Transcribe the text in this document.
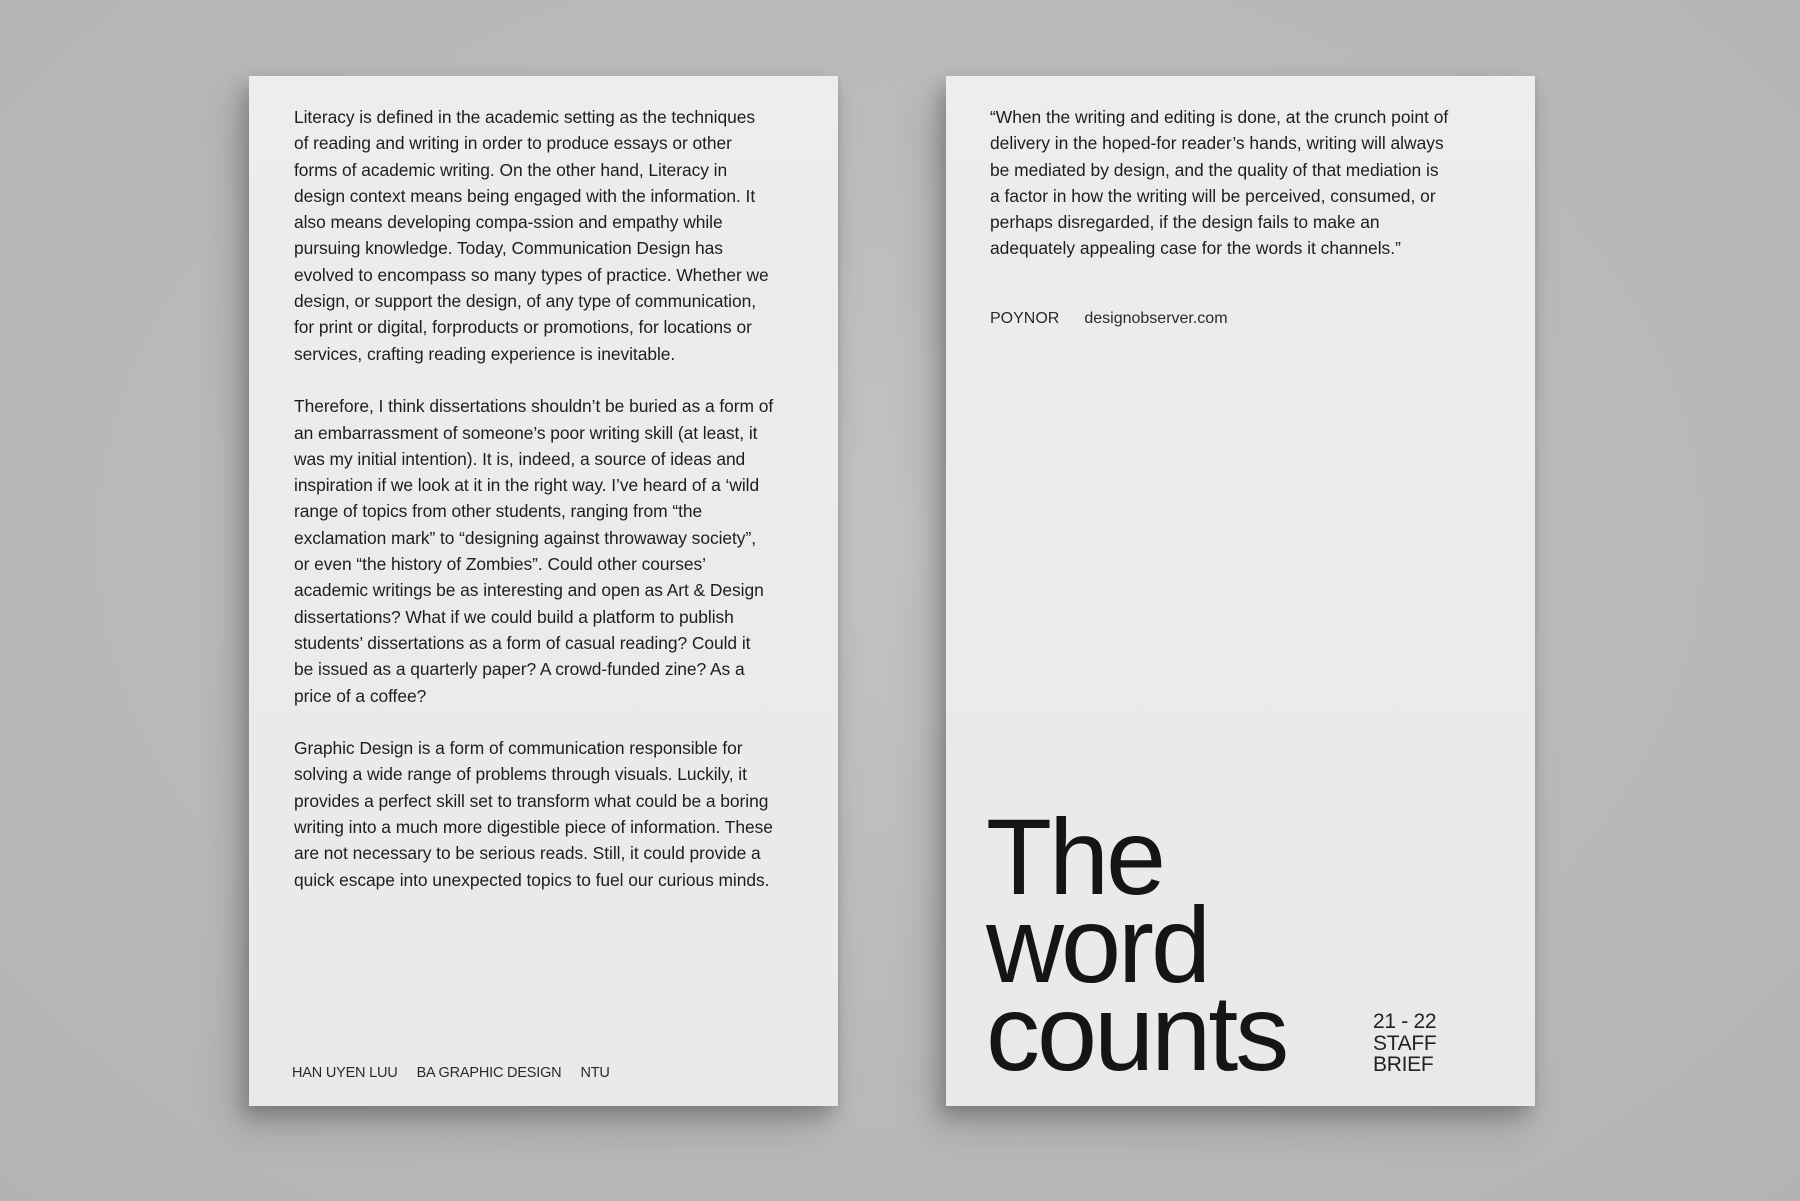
Literacy is defined in the academic setting as the techniques of reading and writing in order to produce essays or other forms of academic writing. On the other hand, Literacy in design context means being engaged with the information. It also means developing compa-ssion and empathy while pursuing knowledge. Today, Communication Design has evolved to encompass so many types of practice. Whether we design, or support the design, of any type of communication, for print or digital, forproducts or promotions, for locations or services, crafting reading experience is inevitable.

Therefore, I think dissertations shouldn’t be buried as a form of an embarrassment of someone’s poor writing skill (at least, it was my initial intention). It is, indeed, a source of ideas and inspiration if we look at it in the right way. I’ve heard of a ‘wild range of topics from other students, ranging from “the exclamation mark” to “designing against throwaway society”, or even “the history of Zombies”. Could other courses’ academic writings be as interesting and open as Art & Design dissertations? What if we could build a platform to publish students’ dissertations as a form of casual reading? Could it be issued as a quarterly paper? A crowd-funded zine? As a price of a coffee?

Graphic Design is a form of communication responsible for solving a wide range of problems through visuals. Luckily, it provides a perfect skill set to transform what could be a boring writing into a much more digestible piece of information. These are not necessary to be serious reads. Still, it could provide a quick escape into unexpected topics to fuel our curious minds.

HAN UYEN LUU BA GRAPHIC DESIGN NTU

“When the writing and editing is done, at the crunch point of delivery in the hoped-for reader’s hands, writing will always be mediated by design, and the quality of that mediation is a factor in how the writing will be perceived, consumed, or perhaps disregarded, if the design fails to make an adequately appealing case for the words it channels.”

POYNOR designobserver.com
The
word
counts	21 - 22
STAFF
BRIEF
